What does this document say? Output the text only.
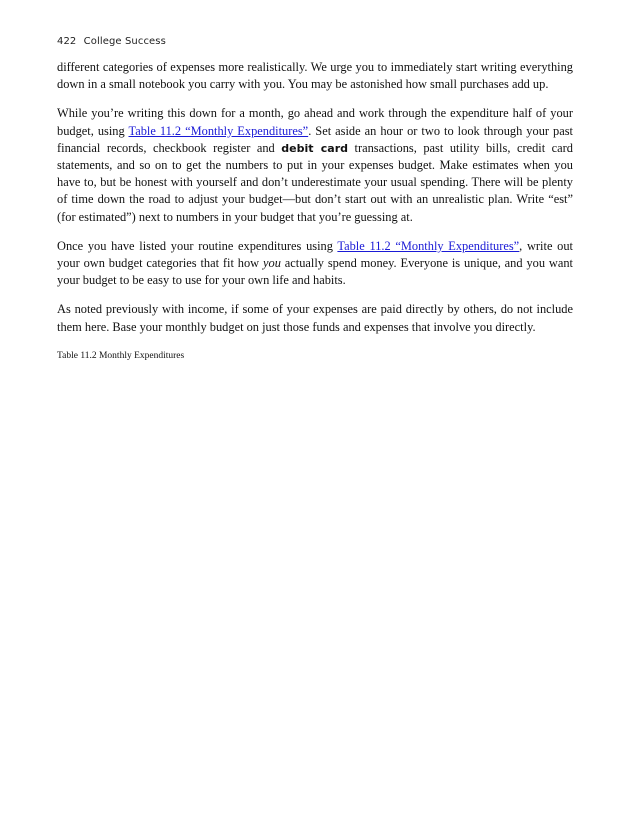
422 College Success

different categories of expenses more realistically. We urge you to immediately start writing everything down in a small notebook you carry with you. You may be astonished how small purchases add up.

While you’re writing this down for a month, go ahead and work through the expenditure half of your budget, using Table 11.2 “Monthly Expenditures”. Set aside an hour or two to look through your past financial records, checkbook register and debit card transactions, past utility bills, credit card statements, and so on to get the numbers to put in your expenses budget. Make estimates when you have to, but be honest with yourself and don’t underestimate your usual spending. There will be plenty of time down the road to adjust your budget—but don’t start out with an unrealistic plan. Write “est” (for estimated”) next to numbers in your budget that you’re guessing at.

Once you have listed your routine expenditures using Table 11.2 “Monthly Expenditures”, write out your own budget categories that fit how you actually spend money. Everyone is unique, and you want your budget to be easy to use for your own life and habits.

As noted previously with income, if some of your expenses are paid directly by others, do not include them here. Base your monthly budget on just those funds and expenses that involve you directly.

Table 11.2 Monthly Expenditures
